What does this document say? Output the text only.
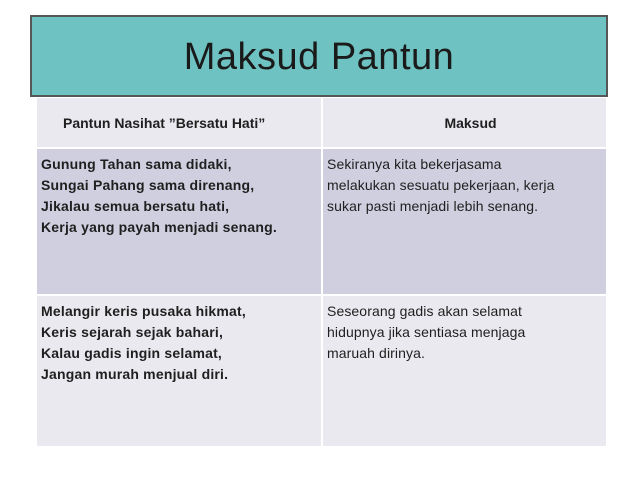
Maksud Pantun
Pantun Nasihat ”Bersatu Hati”	Maksud
Gunung Tahan sama didaki,
Sungai Pahang sama direnang,
Jikalau semua bersatu hati,
Kerja yang payah menjadi senang.
Sekiranya kita bekerjasama
melakukan sesuatu pekerjaan, kerja
sukar pasti menjadi lebih senang.
Melangir keris pusaka hikmat,
Keris sejarah sejak bahari,
Kalau gadis ingin selamat,
Jangan murah menjual diri.
Seseorang gadis akan selamat
hidupnya jika sentiasa menjaga
maruah dirinya.
